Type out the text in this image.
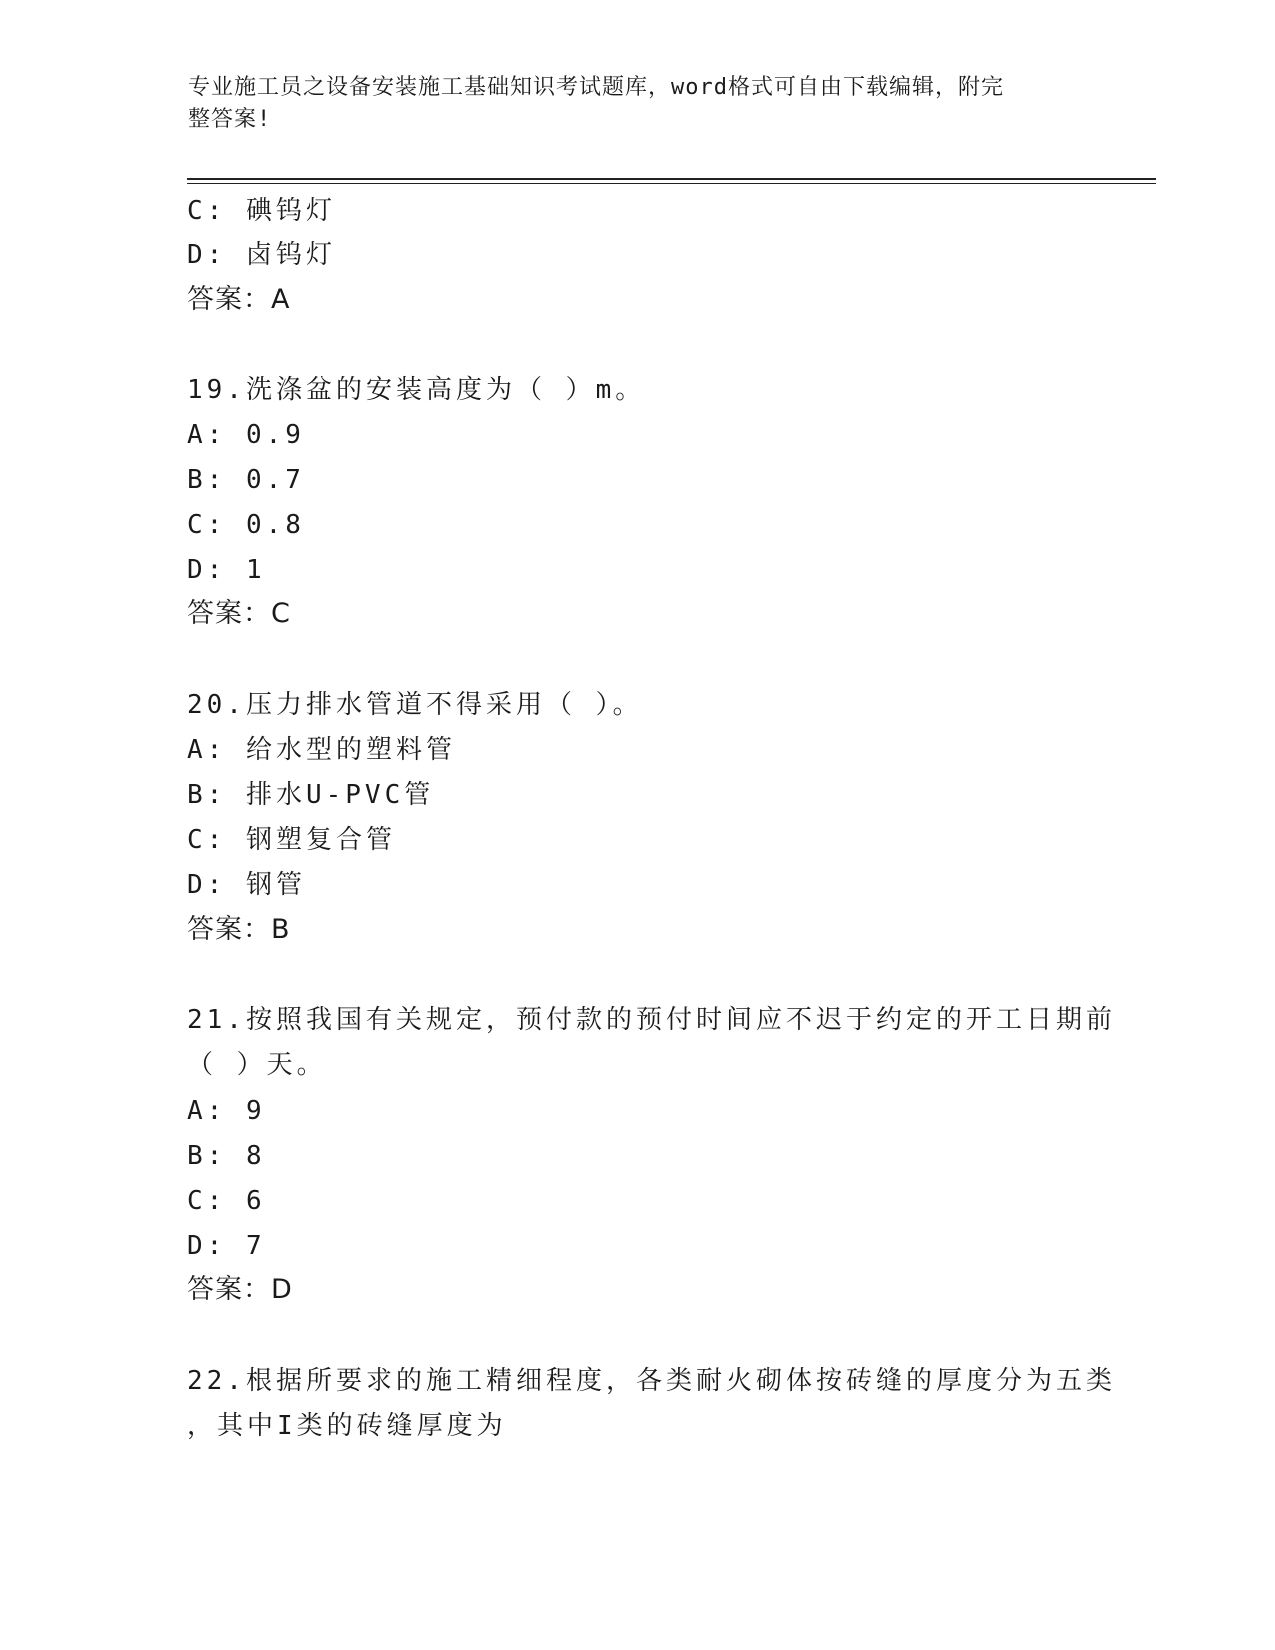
专业施工员之设备安装施工基础知识考试题库，word格式可自由下载编辑，附完
整答案!
C: 碘钨灯
D: 卤钨灯
答案：A
19.洗涤盆的安装高度为（ ）m。
A: 0.9
B: 0.7
C: 0.8
D: 1
答案：C
20.压力排水管道不得采用（ ）。
A: 给水型的塑料管
B: 排水U-PVC管
C: 钢塑复合管
D: 钢管
答案：B
21.按照我国有关规定，预付款的预付时间应不迟于约定的开工日期前
（ ）天。
A: 9
B: 8
C: 6
D: 7
答案：D
22.根据所要求的施工精细程度，各类耐火砌体按砖缝的厚度分为五类
，其中I类的砖缝厚度为
